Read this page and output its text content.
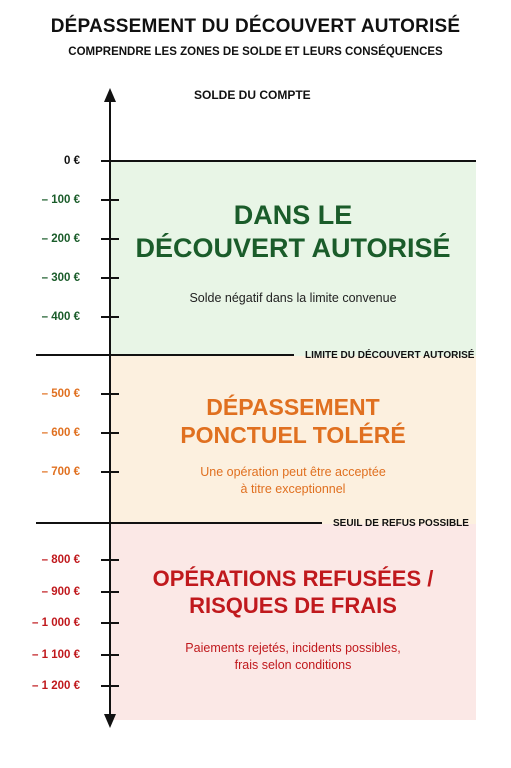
DÉPASSEMENT DU DÉCOUVERT AUTORISÉ
COMPRENDRE LES ZONES DE SOLDE ET LEURS CONSÉQUENCES
SOLDE DU COMPTE
LIMITE DU DÉCOUVERT AUTORISÉ
SEUIL DE REFUS POSSIBLE
0 €
– 100 €
– 200 €
– 300 €
– 400 €
– 500 €
– 600 €
– 700 €
– 800 €
– 900 €
– 1 000 €
– 1 100 €
– 1 200 €
DANS LE
DÉCOUVERT AUTORISÉ
Solde négatif dans la limite convenue
DÉPASSEMENT
PONCTUEL TOLÉRÉ
Une opération peut être acceptée
à titre exceptionnel
OPÉRATIONS REFUSÉES /
RISQUES DE FRAIS
Paiements rejetés, incidents possibles,
frais selon conditions
